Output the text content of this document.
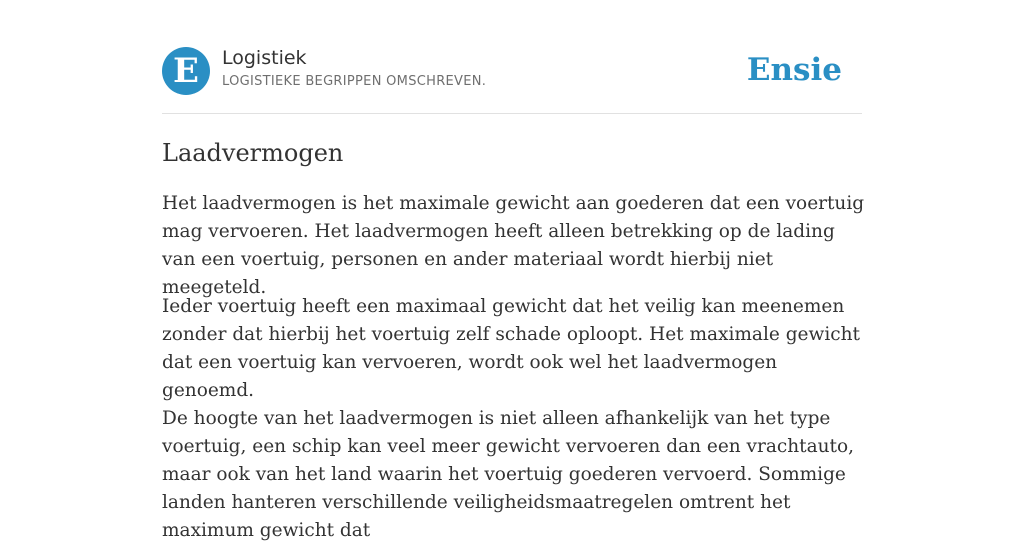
E	Logistiek
LOGISTIEKE BEGRIPPEN OMSCHREVEN.	Ensie
Laadvermogen

Het laadvermogen is het maximale gewicht aan goederen dat een voertuig mag vervoeren. Het laadvermogen heeft alleen betrekking op de lading van een voertuig, personen en ander materiaal wordt hierbij niet meegeteld.

Ieder voertuig heeft een maximaal gewicht dat het veilig kan meenemen zonder dat hierbij het voertuig zelf schade oploopt. Het maximale gewicht dat een voertuig kan vervoeren, wordt ook wel het laadvermogen genoemd.

De hoogte van het laadvermogen is niet alleen afhankelijk van het type voertuig, een schip kan veel meer gewicht vervoeren dan een vrachtauto, maar ook van het land waarin het voertuig goederen vervoerd. Sommige landen hanteren verschillende veiligheidsmaatregelen omtrent het maximum gewicht dat
